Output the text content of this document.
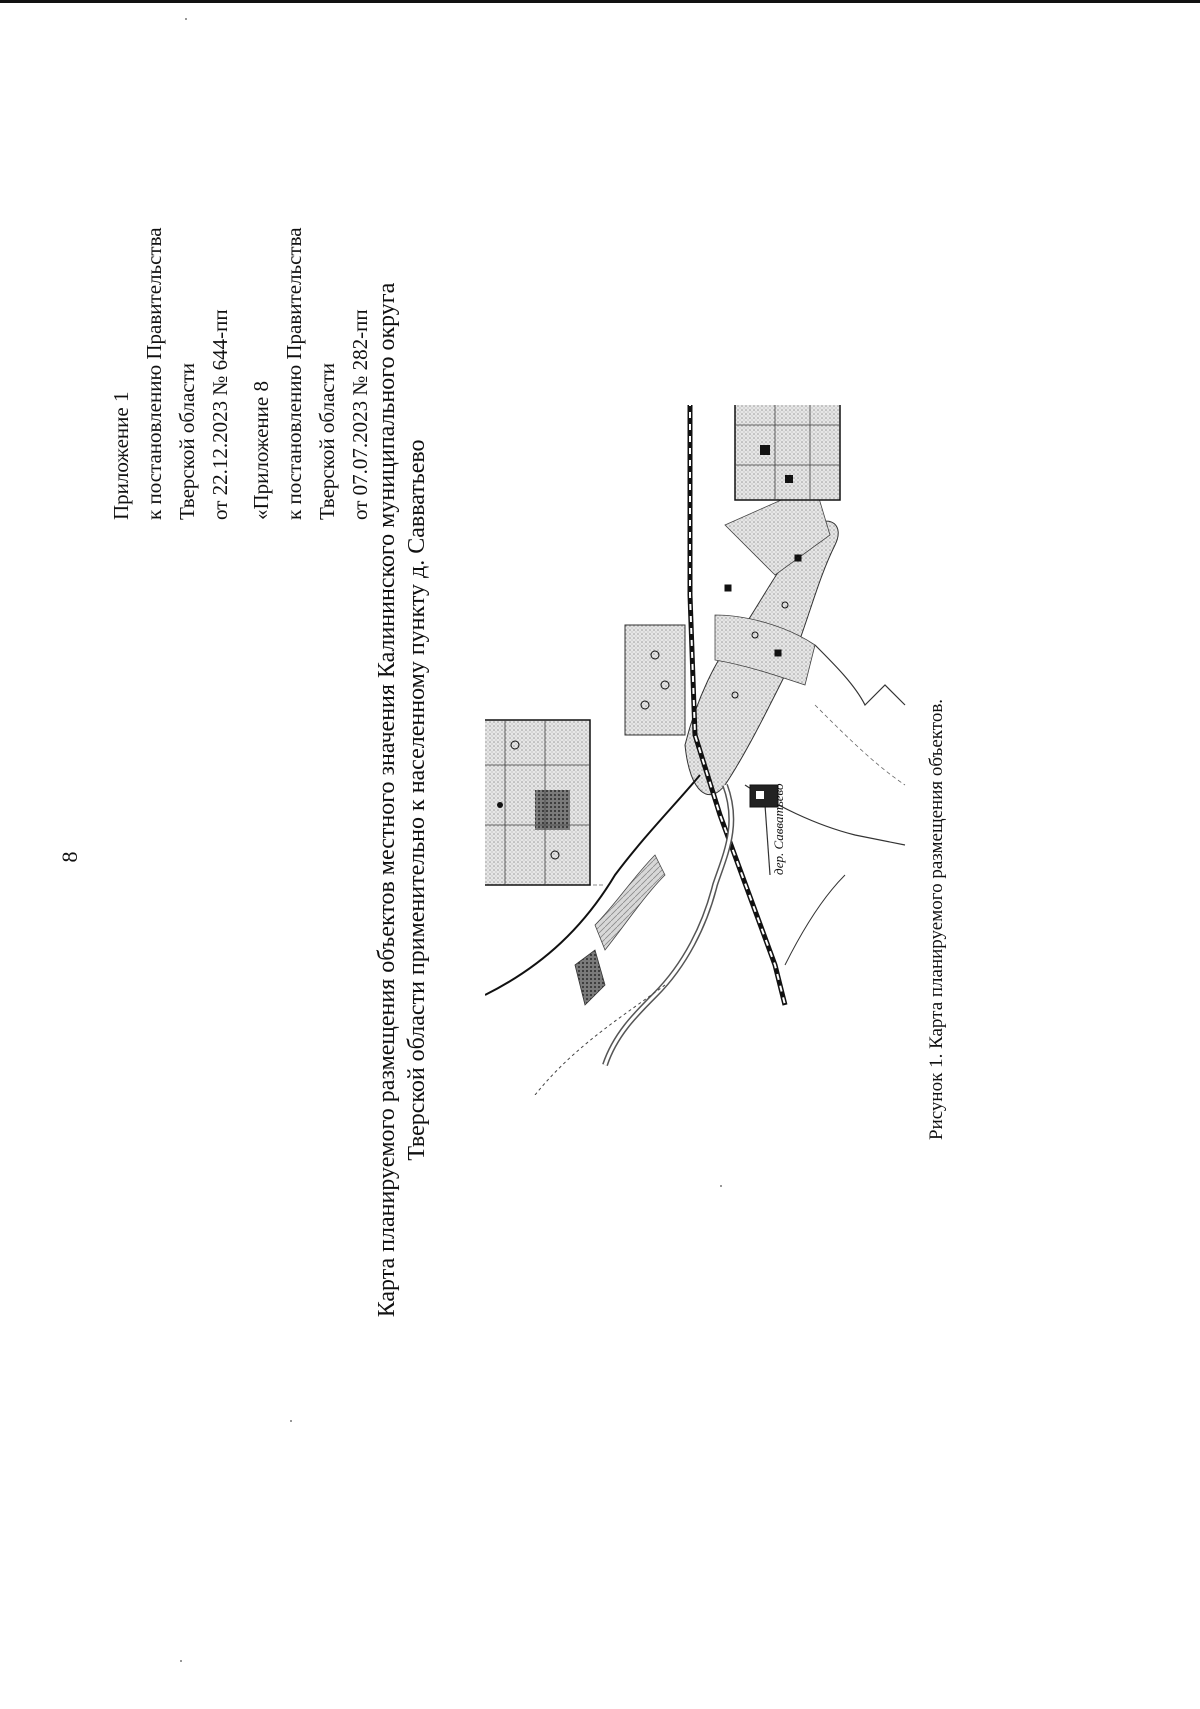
8
Приложение 1 к постановлению Правительства Тверской области от 22.12.2023 № 644-пп «Приложение 8 к постановлению Правительства Тверской области от 07.07.2023 № 282-пп Карта планируемого размещения объектов местного значения Калининского муниципального округа Тверской области применительно к населенному пункту д. Савватьево	дер. Савватьево	Рисунок 1. Карта планируемого размещения объектов.
